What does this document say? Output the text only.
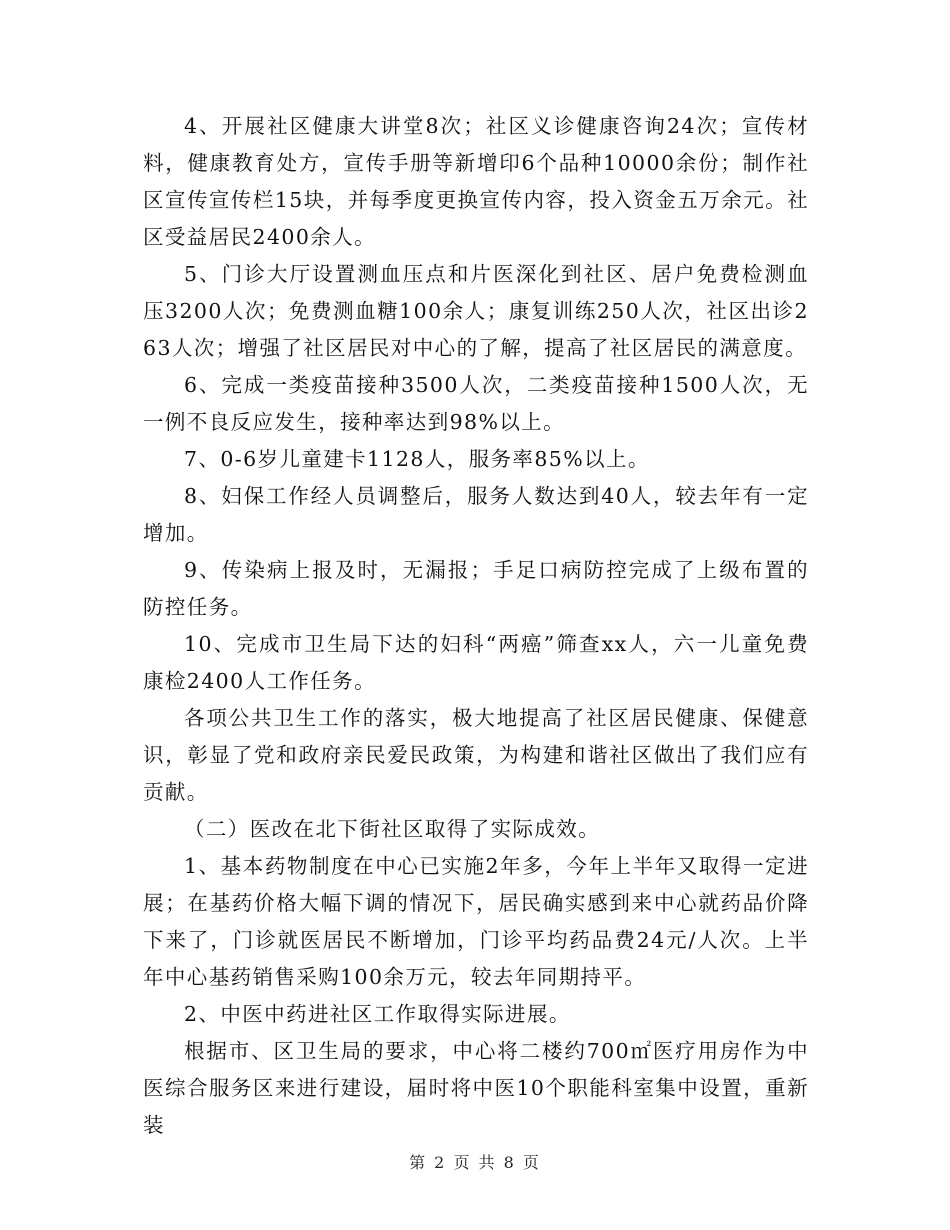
4、开展社区健康大讲堂8次；社区义诊健康咨询24次；宣传材料，健康教育处方，宣传手册等新增印6个品种10000余份；制作社区宣传宣传栏15块，并每季度更换宣传内容，投入资金五万余元。社区受益居民2400余人。

5、门诊大厅设置测血压点和片医深化到社区、居户免费检测血压3200人次；免费测血糖100余人；康复训练250人次，社区出诊263人次；增强了社区居民对中心的了解，提高了社区居民的满意度。

6、完成一类疫苗接种3500人次，二类疫苗接种1500人次，无一例不良反应发生，接种率达到98%以上。

7、0-6岁儿童建卡1128人，服务率85%以上。

8、妇保工作经人员调整后，服务人数达到40人，较去年有一定增加。

9、传染病上报及时，无漏报；手足口病防控完成了上级布置的防控任务。

10、完成市卫生局下达的妇科“两癌”筛查xx人，六一儿童免费康检2400人工作任务。

各项公共卫生工作的落实，极大地提高了社区居民健康、保健意识，彰显了党和政府亲民爱民政策，为构建和谐社区做出了我们应有贡献。

（二）医改在北下街社区取得了实际成效。

1、基本药物制度在中心已实施2年多，今年上半年又取得一定进展；在基药价格大幅下调的情况下，居民确实感到来中心就药品价降下来了，门诊就医居民不断增加，门诊平均药品费24元/人次。上半年中心基药销售采购100余万元，较去年同期持平。

2、中医中药进社区工作取得实际进展。

根据市、区卫生局的要求，中心将二楼约700㎡医疗用房作为中医综合服务区来进行建设，届时将中医10个职能科室集中设置，重新装

第 2 页 共 8 页
